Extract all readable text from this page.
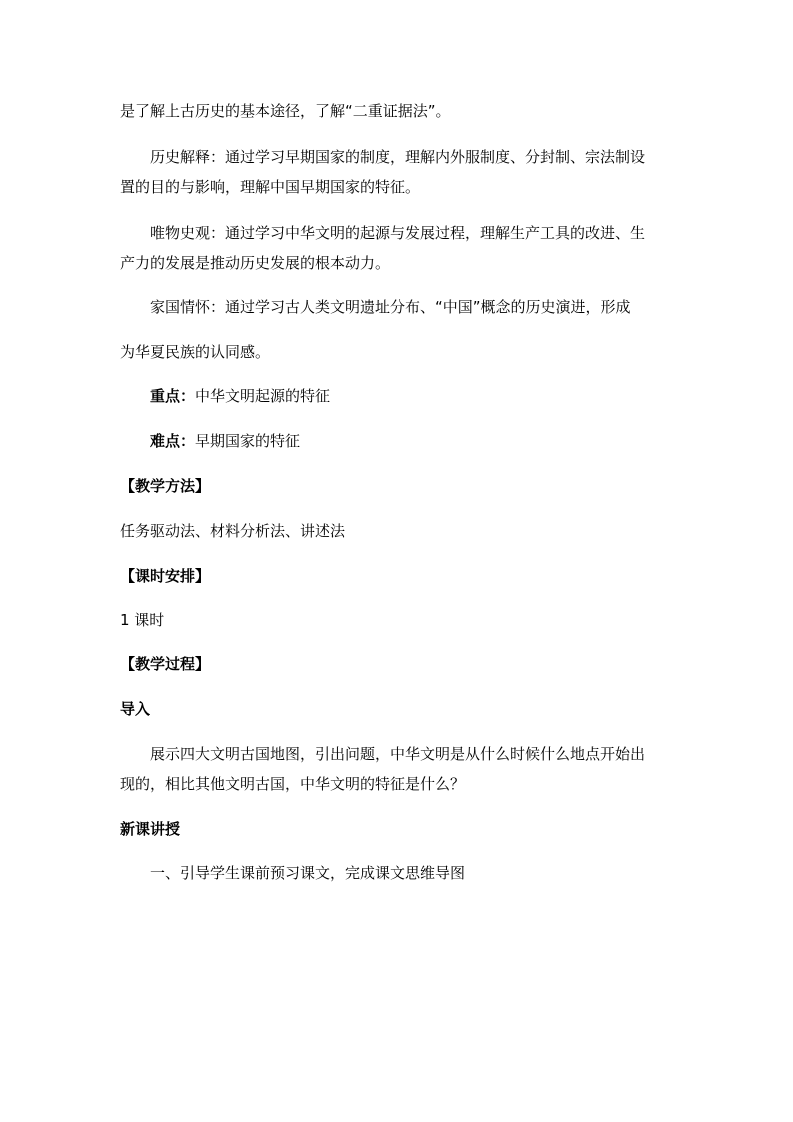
是了解上古历史的基本途径，了解“二重证据法”。
历史解释：通过学习早期国家的制度，理解内外服制度、分封制、宗法制设
置的目的与影响，理解中国早期国家的特征。
唯物史观：通过学习中华文明的起源与发展过程，理解生产工具的改进、生
产力的发展是推动历史发展的根本动力。
家国情怀：通过学习古人类文明遗址分布、“中国”概念的历史演进，形成
为华夏民族的认同感。
重点：中华文明起源的特征
难点：早期国家的特征
【教学方法】
任务驱动法、材料分析法、讲述法
【课时安排】
1 课时
【教学过程】
导入
展示四大文明古国地图，引出问题，中华文明是从什么时候什么地点开始出
现的，相比其他文明古国，中华文明的特征是什么？
新课讲授
一、引导学生课前预习课文，完成课文思维导图
